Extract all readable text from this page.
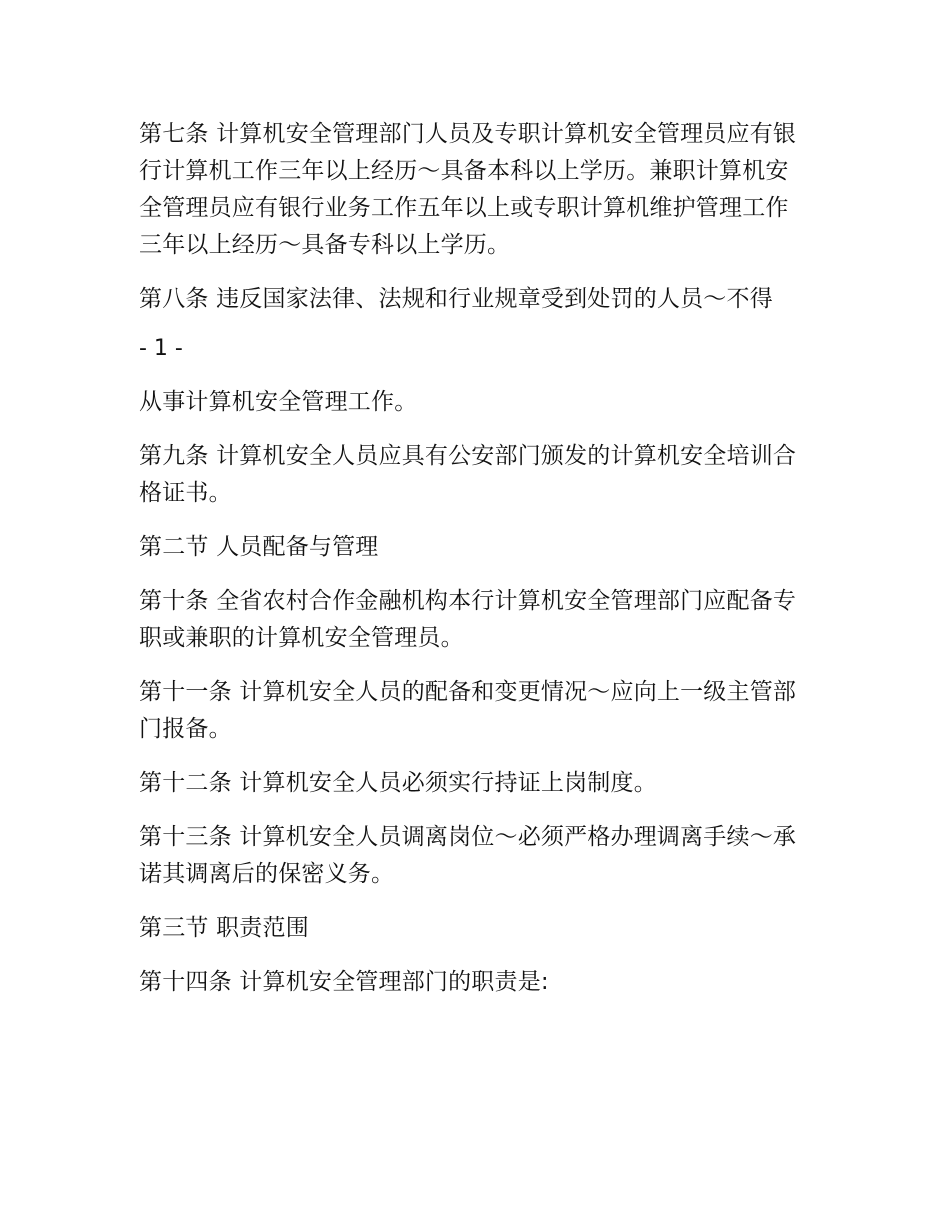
第七条 计算机安全管理部门人员及专职计算机安全管理员应有银行计算机工作三年以上经历～具备本科以上学历。兼职计算机安全管理员应有银行业务工作五年以上或专职计算机维护管理工作三年以上经历～具备专科以上学历。

第八条 违反国家法律、法规和行业规章受到处罚的人员～不得

- 1 -

从事计算机安全管理工作。

第九条 计算机安全人员应具有公安部门颁发的计算机安全培训合格证书。

第二节 人员配备与管理

第十条 全省农村合作金融机构本行计算机安全管理部门应配备专职或兼职的计算机安全管理员。

第十一条 计算机安全人员的配备和变更情况～应向上一级主管部门报备。

第十二条 计算机安全人员必须实行持证上岗制度。

第十三条 计算机安全人员调离岗位～必须严格办理调离手续～承诺其调离后的保密义务。

第三节 职责范围

第十四条 计算机安全管理部门的职责是:
